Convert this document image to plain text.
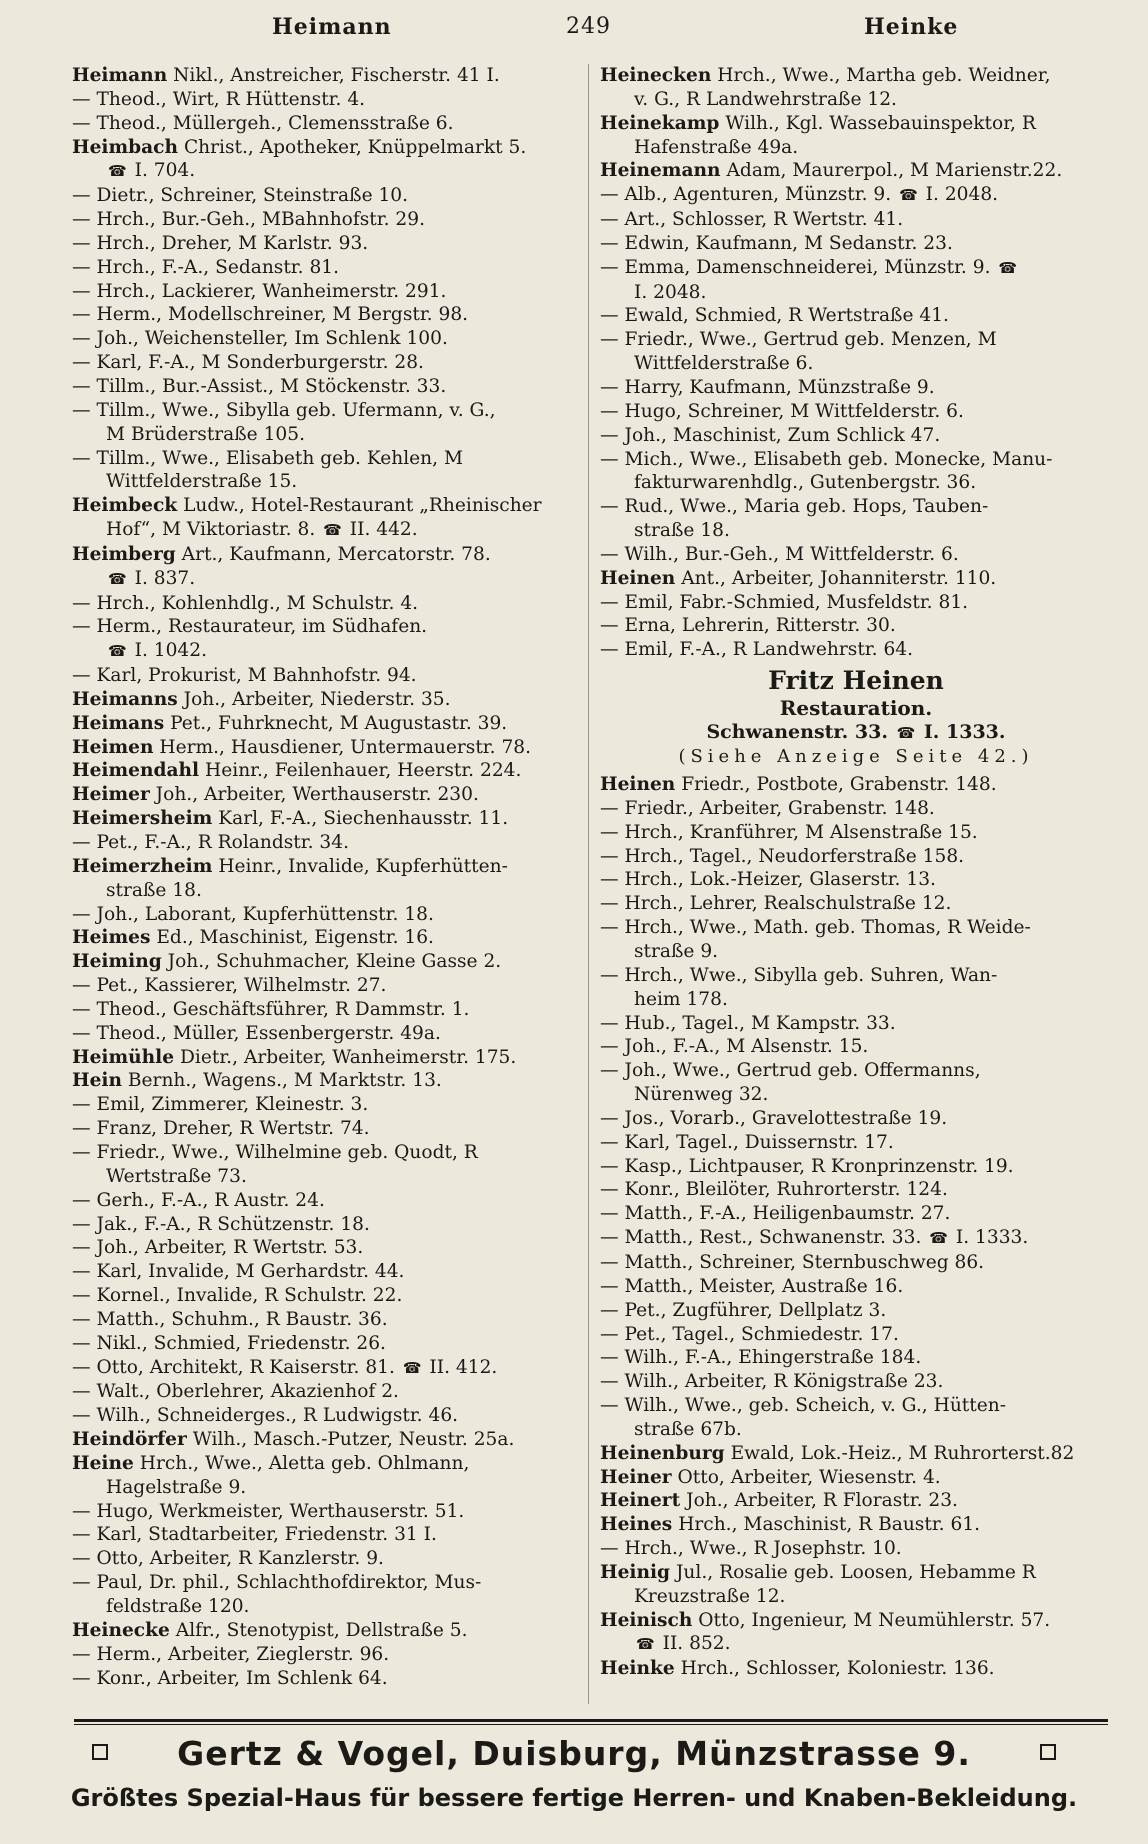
Heimann	249	Heinke

Heimann Nikl., Anstreicher, Fischerstr. 41 I.

— Theod., Wirt, R Hüttenstr. 4.

— Theod., Müllergeh., Clemensstraße 6.

Heimbach Christ., Apotheker, Knüppelmarkt 5.
☎ I. 704.

— Dietr., Schreiner, Steinstraße 10.

— Hrch., Bur.-Geh., MBahnhofstr. 29.

— Hrch., Dreher, M Karlstr. 93.

— Hrch., F.-A., Sedanstr. 81.

— Hrch., Lackierer, Wanheimerstr. 291.

— Herm., Modellschreiner, M Bergstr. 98.

— Joh., Weichensteller, Im Schlenk 100.

— Karl, F.-A., M Sonderburgerstr. 28.

— Tillm., Bur.-Assist., M Stöckenstr. 33.

— Tillm., Wwe., Sibylla geb. Ufermann, v. G.,
M Brüderstraße 105.

— Tillm., Wwe., Elisabeth geb. Kehlen, M
Wittfelderstraße 15.

Heimbeck Ludw., Hotel-Restaurant „Rheinischer
Hof“, M Viktoriastr. 8. ☎ II. 442.

Heimberg Art., Kaufmann, Mercatorstr. 78.
☎ I. 837.

— Hrch., Kohlenhdlg., M Schulstr. 4.

— Herm., Restaurateur, im Südhafen.
☎ I. 1042.

— Karl, Prokurist, M Bahnhofstr. 94.

Heimanns Joh., Arbeiter, Niederstr. 35.

Heimans Pet., Fuhrknecht, M Augustastr. 39.

Heimen Herm., Hausdiener, Untermauerstr. 78.

Heimendahl Heinr., Feilenhauer, Heerstr. 224.

Heimer Joh., Arbeiter, Werthauserstr. 230.

Heimersheim Karl, F.-A., Siechenhausstr. 11.

— Pet., F.-A., R Rolandstr. 34.

Heimerzheim Heinr., Invalide, Kupferhütten-
straße 18.

— Joh., Laborant, Kupferhüttenstr. 18.

Heimes Ed., Maschinist, Eigenstr. 16.

Heiming Joh., Schuhmacher, Kleine Gasse 2.

— Pet., Kassierer, Wilhelmstr. 27.

— Theod., Geschäftsführer, R Dammstr. 1.

— Theod., Müller, Essenbergerstr. 49a.

Heimühle Dietr., Arbeiter, Wanheimerstr. 175.

Hein Bernh., Wagens., M Marktstr. 13.

— Emil, Zimmerer, Kleinestr. 3.

— Franz, Dreher, R Wertstr. 74.

— Friedr., Wwe., Wilhelmine geb. Quodt, R
Wertstraße 73.

— Gerh., F.-A., R Austr. 24.

— Jak., F.-A., R Schützenstr. 18.

— Joh., Arbeiter, R Wertstr. 53.

— Karl, Invalide, M Gerhardstr. 44.

— Kornel., Invalide, R Schulstr. 22.

— Matth., Schuhm., R Baustr. 36.

— Nikl., Schmied, Friedenstr. 26.

— Otto, Architekt, R Kaiserstr. 81. ☎ II. 412.

— Walt., Oberlehrer, Akazienhof 2.

— Wilh., Schneiderges., R Ludwigstr. 46.

Heindörfer Wilh., Masch.-Putzer, Neustr. 25a.

Heine Hrch., Wwe., Aletta geb. Ohlmann,
Hagelstraße 9.

— Hugo, Werkmeister, Werthauserstr. 51.

— Karl, Stadtarbeiter, Friedenstr. 31 I.

— Otto, Arbeiter, R Kanzlerstr. 9.

— Paul, Dr. phil., Schlachthofdirektor, Mus-
feldstraße 120.

Heinecke Alfr., Stenotypist, Dellstraße 5.

— Herm., Arbeiter, Zieglerstr. 96.

— Konr., Arbeiter, Im Schlenk 64.

Heinecken Hrch., Wwe., Martha geb. Weidner,
v. G., R Landwehrstraße 12.

Heinekamp Wilh., Kgl. Wassebauinspektor, R
Hafenstraße 49a.

Heinemann Adam, Maurerpol., M Marienstr.22.

— Alb., Agenturen, Münzstr. 9. ☎ I. 2048.

— Art., Schlosser, R Wertstr. 41.

— Edwin, Kaufmann, M Sedanstr. 23.

— Emma, Damenschneiderei, Münzstr. 9. ☎
I. 2048.

— Ewald, Schmied, R Wertstraße 41.

— Friedr., Wwe., Gertrud geb. Menzen, M
Wittfelderstraße 6.

— Harry, Kaufmann, Münzstraße 9.

— Hugo, Schreiner, M Wittfelderstr. 6.

— Joh., Maschinist, Zum Schlick 47.

— Mich., Wwe., Elisabeth geb. Monecke, Manu-
fakturwarenhdlg., Gutenbergstr. 36.

— Rud., Wwe., Maria geb. Hops, Tauben-
straße 18.

— Wilh., Bur.-Geh., M Wittfelderstr. 6.

Heinen Ant., Arbeiter, Johanniterstr. 110.

— Emil, Fabr.-Schmied, Musfeldstr. 81.

— Erna, Lehrerin, Ritterstr. 30.

— Emil, F.-A., R Landwehrstr. 64.

Fritz Heinen
Restauration.
Schwanenstr. 33. ☎ I. 1333.
(Siehe Anzeige Seite 42.)

Heinen Friedr., Postbote, Grabenstr. 148.

— Friedr., Arbeiter, Grabenstr. 148.

— Hrch., Kranführer, M Alsenstraße 15.

— Hrch., Tagel., Neudorferstraße 158.

— Hrch., Lok.-Heizer, Glaserstr. 13.

— Hrch., Lehrer, Realschulstraße 12.

— Hrch., Wwe., Math. geb. Thomas, R Weide-
straße 9.

— Hrch., Wwe., Sibylla geb. Suhren, Wan-
heim 178.

— Hub., Tagel., M Kampstr. 33.

— Joh., F.-A., M Alsenstr. 15.

— Joh., Wwe., Gertrud geb. Offermanns,
Nürenweg 32.

— Jos., Vorarb., Gravelottestraße 19.

— Karl, Tagel., Duissernstr. 17.

— Kasp., Lichtpauser, R Kronprinzenstr. 19.

— Konr., Bleilöter, Ruhrorterstr. 124.

— Matth., F.-A., Heiligenbaumstr. 27.

— Matth., Rest., Schwanenstr. 33. ☎ I. 1333.

— Matth., Schreiner, Sternbuschweg 86.

— Matth., Meister, Austraße 16.

— Pet., Zugführer, Dellplatz 3.

— Pet., Tagel., Schmiedestr. 17.

— Wilh., F.-A., Ehingerstraße 184.

— Wilh., Arbeiter, R Königstraße 23.

— Wilh., Wwe., geb. Scheich, v. G., Hütten-
straße 67b.

Heinenburg Ewald, Lok.-Heiz., M Ruhrorterst.82

Heiner Otto, Arbeiter, Wiesenstr. 4.

Heinert Joh., Arbeiter, R Florastr. 23.

Heines Hrch., Maschinist, R Baustr. 61.

— Hrch., Wwe., R Josephstr. 10.

Heinig Jul., Rosalie geb. Loosen, Hebamme R
Kreuzstraße 12.

Heinisch Otto, Ingenieur, M Neumühlerstr. 57.
☎ II. 852.

Heinke Hrch., Schlosser, Koloniestr. 136.

Gertz & Vogel, Duisburg, Münzstrasse 9.
Größtes Spezial-Haus für bessere fertige Herren- und Knaben-Bekleidung.
